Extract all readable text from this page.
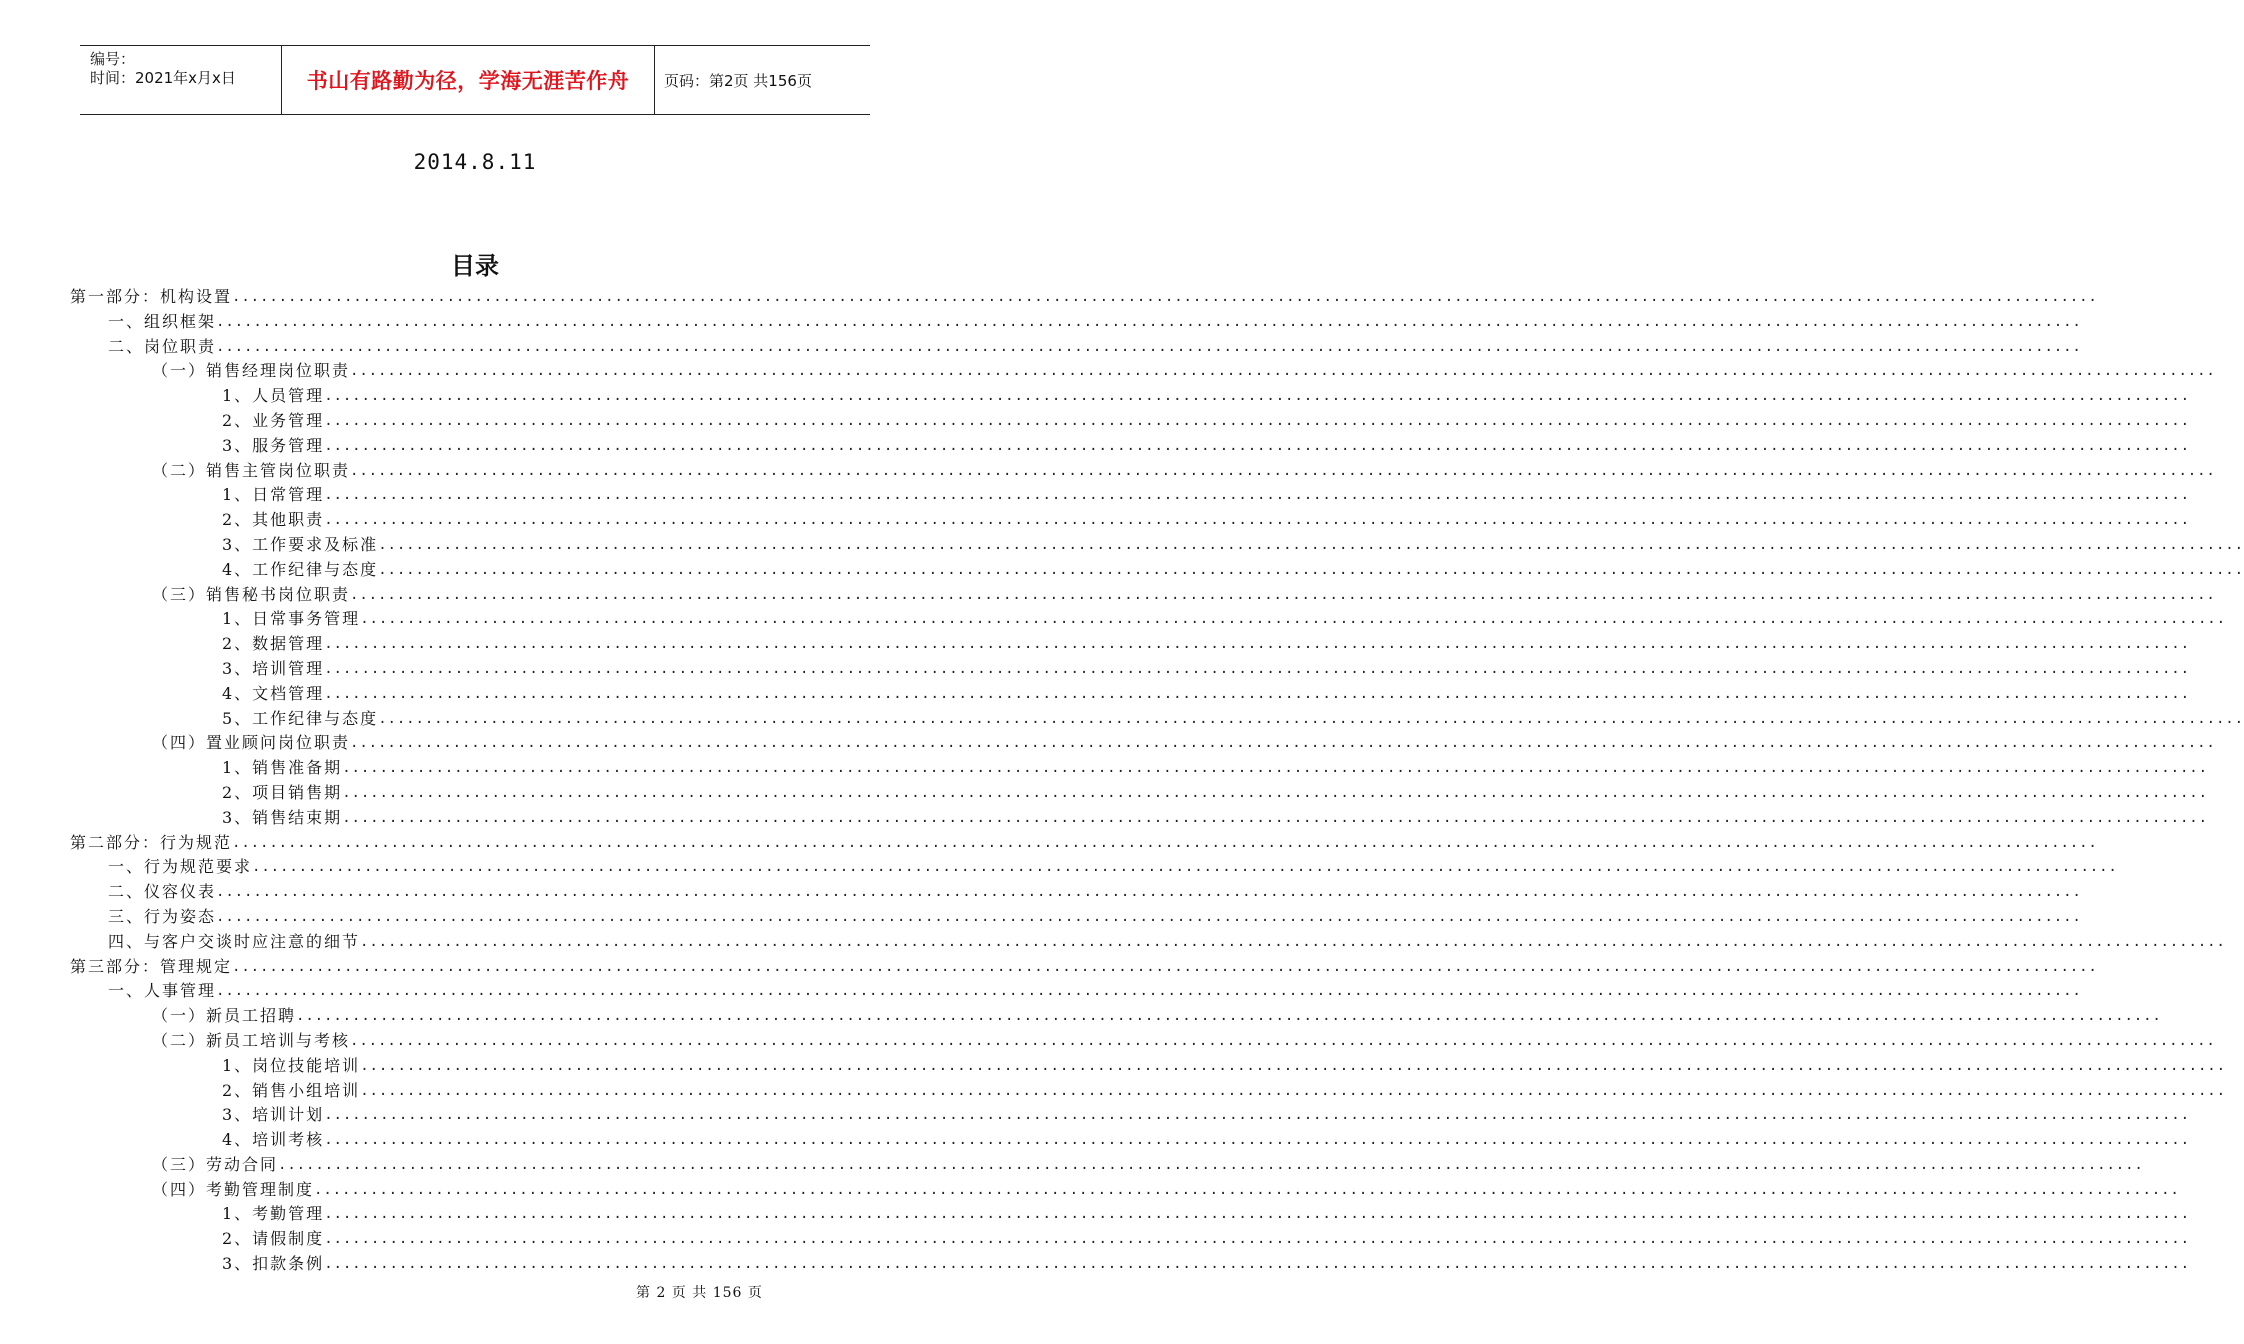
编号：
时间：2021年x月x日	书山有路勤为径，学海无涯苦作舟	页码：第2页 共156页
2014.8.11
目录
第一部分：机构设置 ........................................................................................................................................................................................................
一、组织框架 ........................................................................................................................................................................................................
二、岗位职责 ........................................................................................................................................................................................................
（一）销售经理岗位职责 ........................................................................................................................................................................................................
1、人员管理 ........................................................................................................................................................................................................
2、业务管理 ........................................................................................................................................................................................................
3、服务管理 ........................................................................................................................................................................................................
（二）销售主管岗位职责 ........................................................................................................................................................................................................
1、日常管理 ........................................................................................................................................................................................................
2、其他职责 ........................................................................................................................................................................................................
3、工作要求及标准 ........................................................................................................................................................................................................
4、工作纪律与态度 ........................................................................................................................................................................................................
（三）销售秘书岗位职责 ........................................................................................................................................................................................................
1、日常事务管理 ........................................................................................................................................................................................................
2、数据管理 ........................................................................................................................................................................................................
3、培训管理 ........................................................................................................................................................................................................
4、文档管理 ........................................................................................................................................................................................................
5、工作纪律与态度 ........................................................................................................................................................................................................
（四）置业顾问岗位职责 ........................................................................................................................................................................................................
1、销售准备期 ........................................................................................................................................................................................................
2、项目销售期 ........................................................................................................................................................................................................
3、销售结束期 ........................................................................................................................................................................................................
第二部分：行为规范 ........................................................................................................................................................................................................
一、行为规范要求 ........................................................................................................................................................................................................
二、仪容仪表 ........................................................................................................................................................................................................
三、行为姿态 ........................................................................................................................................................................................................
四、与客户交谈时应注意的细节 ........................................................................................................................................................................................................
第三部分：管理规定 ........................................................................................................................................................................................................
一、人事管理 ........................................................................................................................................................................................................
（一）新员工招聘 ........................................................................................................................................................................................................
（二）新员工培训与考核 ........................................................................................................................................................................................................
1、岗位技能培训 ........................................................................................................................................................................................................
2、销售小组培训 ........................................................................................................................................................................................................
3、培训计划 ........................................................................................................................................................................................................
4、培训考核 ........................................................................................................................................................................................................
（三）劳动合同 ........................................................................................................................................................................................................
（四）考勤管理制度 ........................................................................................................................................................................................................
1、考勤管理 ........................................................................................................................................................................................................
2、请假制度 ........................................................................................................................................................................................................
3、扣款条例 ........................................................................................................................................................................................................
第 2 页 共 156 页
